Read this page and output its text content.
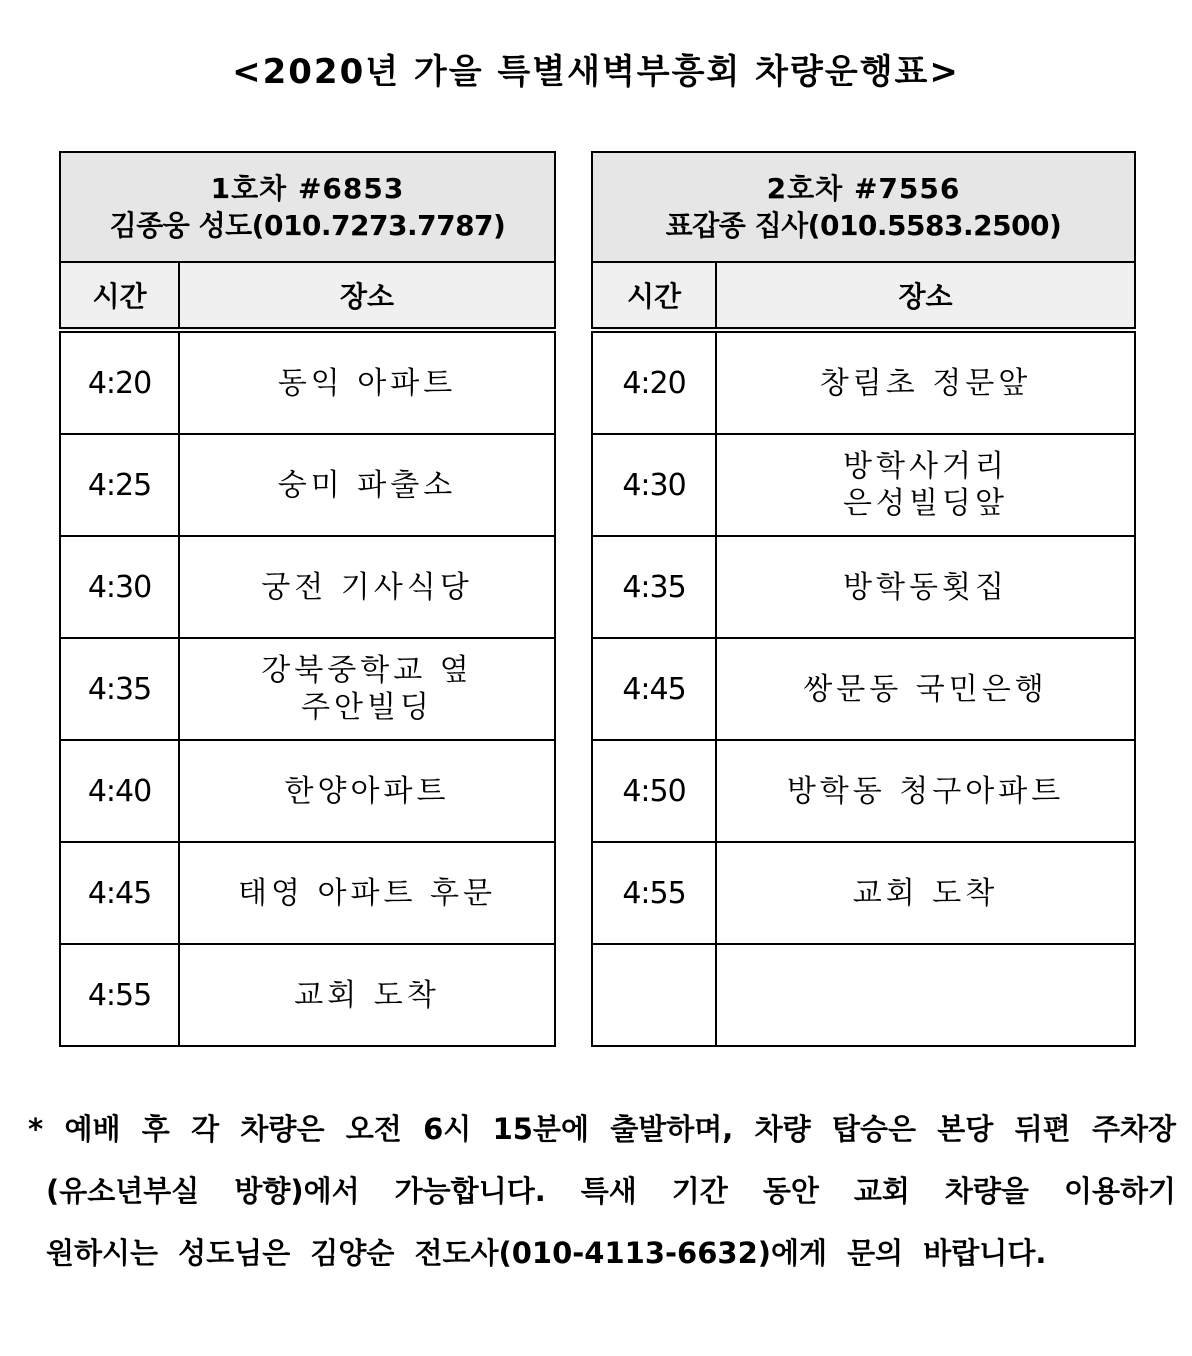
<2020년 가을 특별새벽부흥회 차량운행표>
1호차 #6853
김종웅 성도(010.7273.7787)	

시간	장소
4:20	동익 아파트
4:25	숭미 파출소
4:30	궁전 기사식당
4:35	강북중학교 옆
주안빌딩

4:40	한양아파트
4:45	태영 아파트 후문
4:55	교회 도착
2호차 #7556
표갑종 집사(010.5583.2500)	

시간	장소
4:20	창림초 정문앞
4:30	방학사거리
은성빌딩앞

4:35	방학동횟집
4:45	쌍문동 국민은행
4:50	방학동 청구아파트
4:55	교회 도착

* 예배 후 각 차량은 오전 6시 15분에 출발하며, 차량 탑승은 본당 뒤편 주차장
(유소년부실 방향)에서 가능합니다. 특새 기간 동안 교회 차량을 이용하기
원하시는 성도님은 김양순 전도사(010-4113-6632)에게 문의 바랍니다.
